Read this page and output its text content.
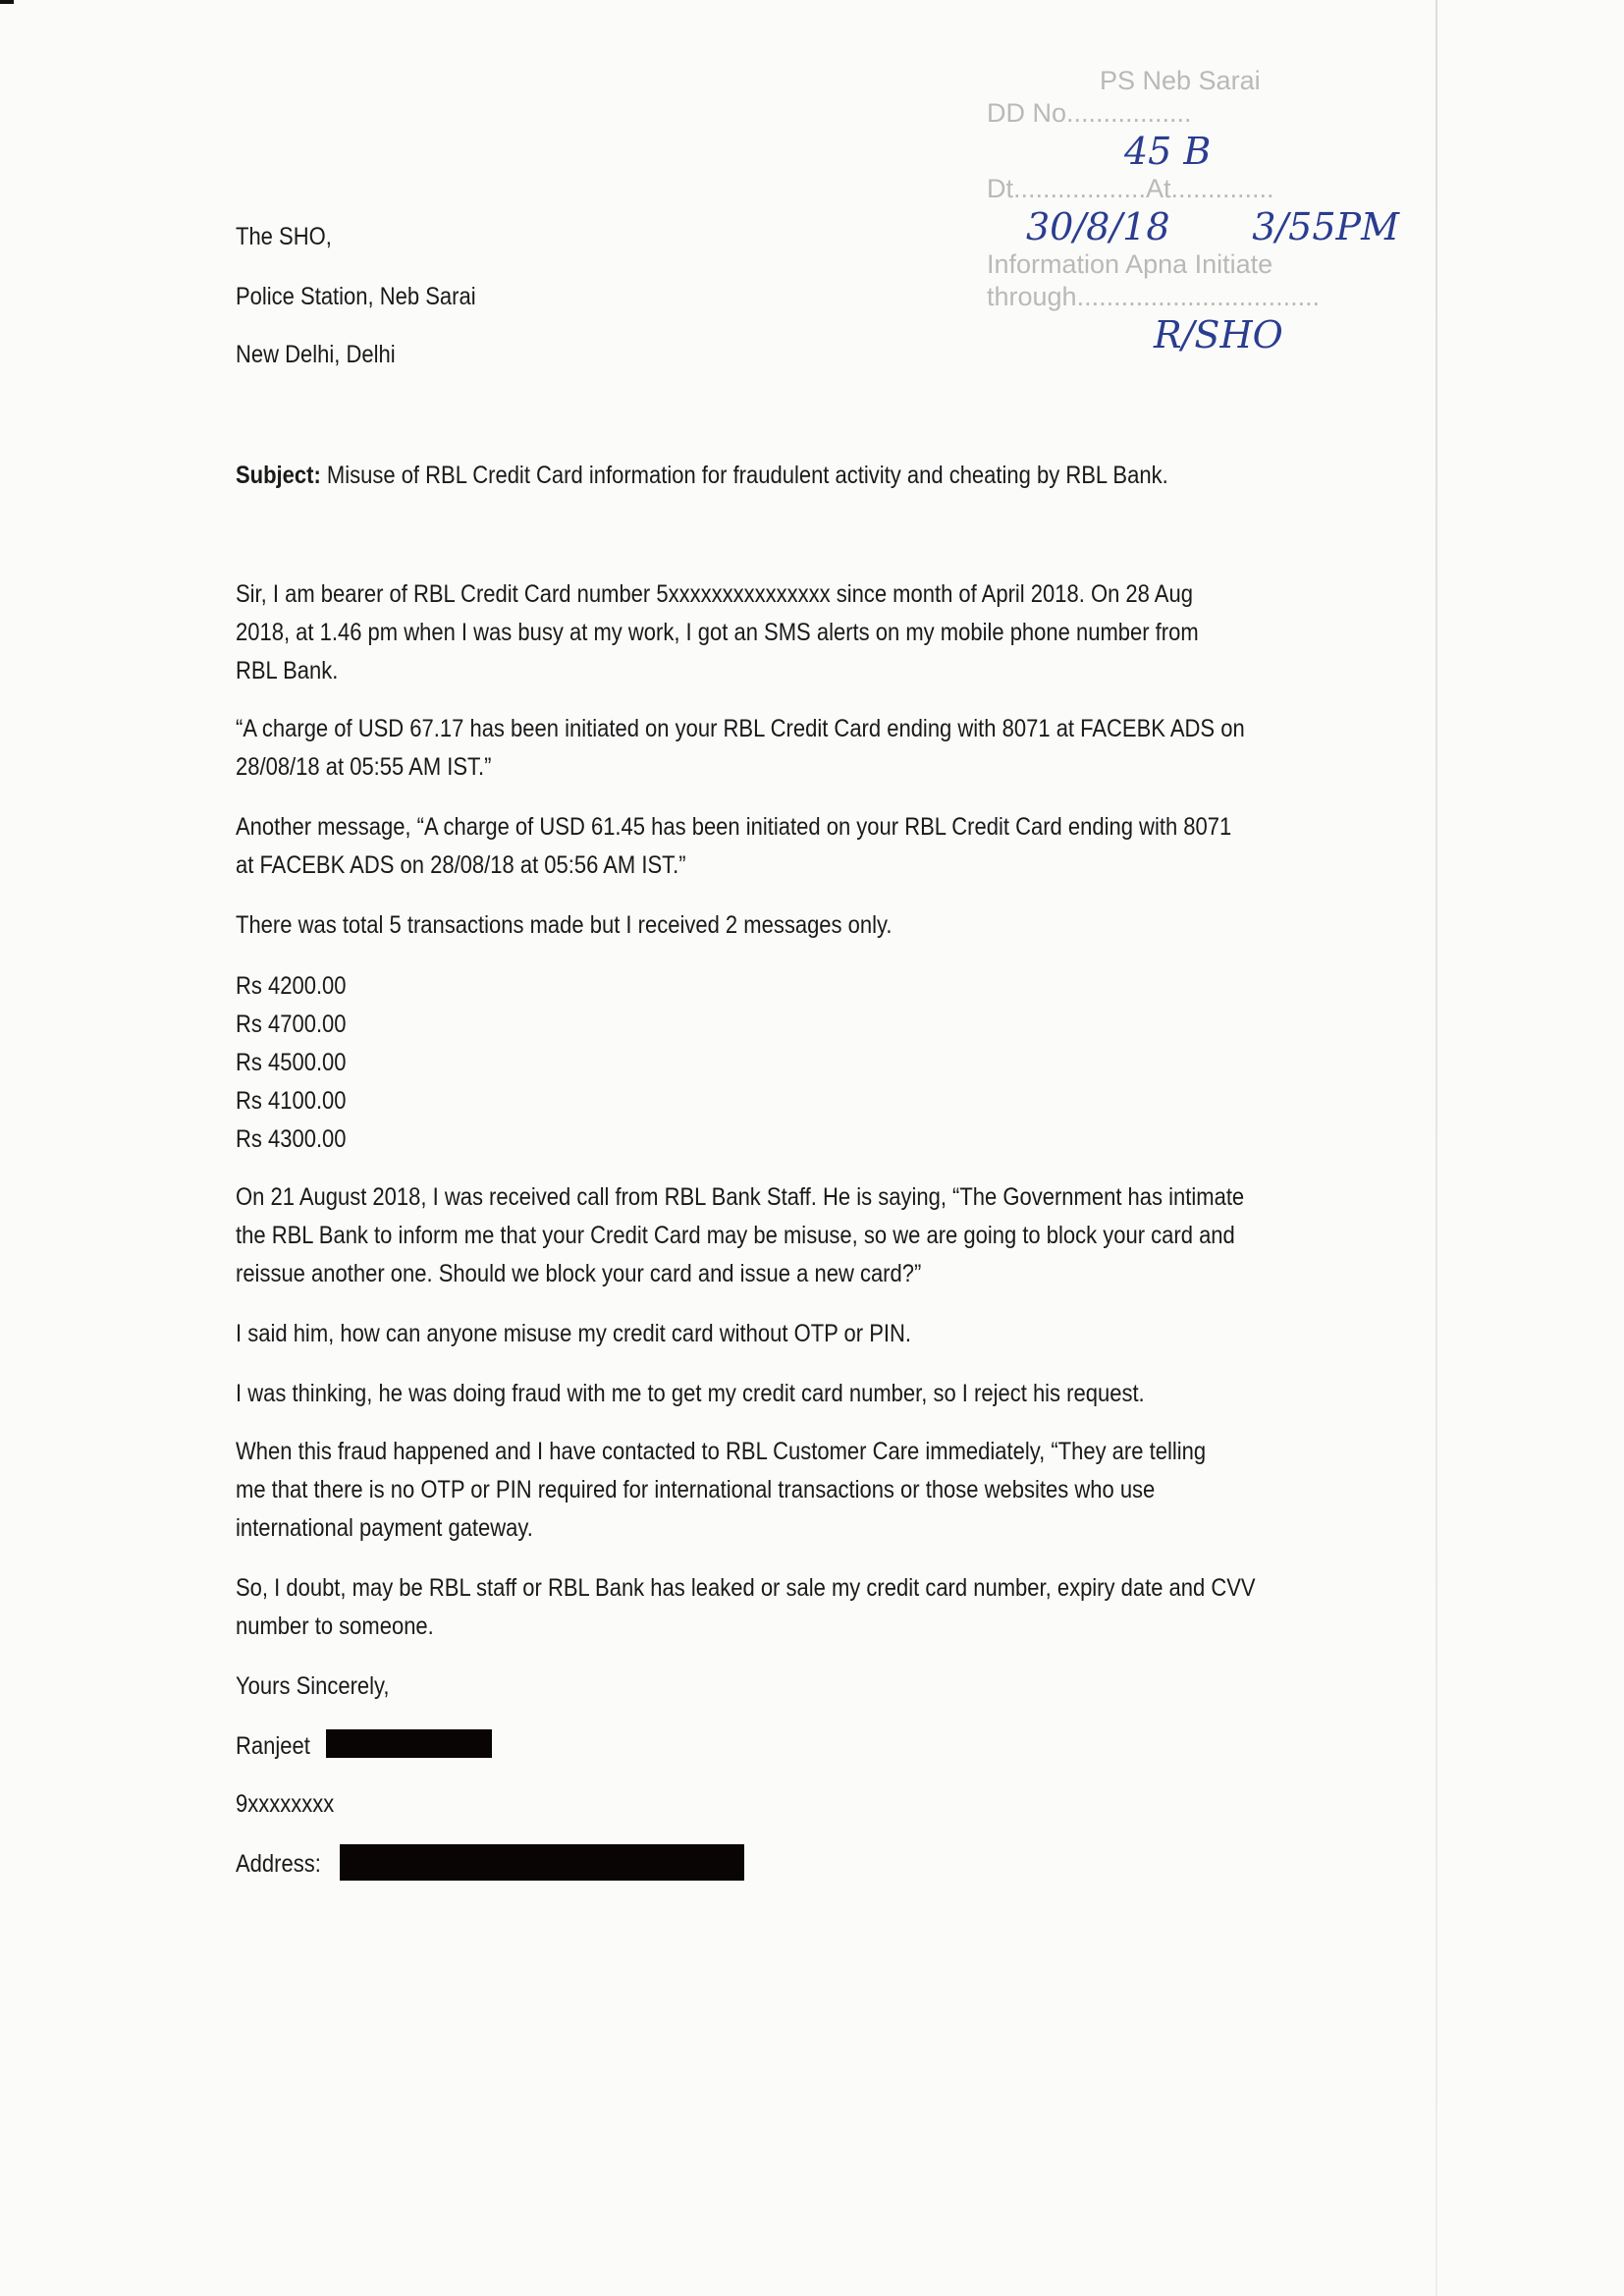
PS Neb Sarai
DD No.................
45 B
Dt..................At..............
30/8/18 3/55PM
Information Apna Initiate
through.................................
R/SHO
The SHO,
Police Station, Neb Sarai
New Delhi, Delhi
Subject: Misuse of RBL Credit Card information for fraudulent activity and cheating by RBL Bank.
Sir, I am bearer of RBL Credit Card number 5xxxxxxxxxxxxxxx since month of April 2018. On 28 Aug
2018, at 1.46 pm when I was busy at my work, I got an SMS alerts on my mobile phone number from
RBL Bank.
“A charge of USD 67.17 has been initiated on your RBL Credit Card ending with 8071 at FACEBK ADS on
28/08/18 at 05:55 AM IST.”
Another message, “A charge of USD 61.45 has been initiated on your RBL Credit Card ending with 8071
at FACEBK ADS on 28/08/18 at 05:56 AM IST.”
There was total 5 transactions made but I received 2 messages only.
Rs 4200.00
Rs 4700.00
Rs 4500.00
Rs 4100.00
Rs 4300.00
On 21 August 2018, I was received call from RBL Bank Staff. He is saying, “The Government has intimate
the RBL Bank to inform me that your Credit Card may be misuse, so we are going to block your card and
reissue another one. Should we block your card and issue a new card?”
I said him, how can anyone misuse my credit card without OTP or PIN.
I was thinking, he was doing fraud with me to get my credit card number, so I reject his request.
When this fraud happened and I have contacted to RBL Customer Care immediately, “They are telling
me that there is no OTP or PIN required for international transactions or those websites who use
international payment gateway.
So, I doubt, may be RBL staff or RBL Bank has leaked or sale my credit card number, expiry date and CVV
number to someone.
Yours Sincerely,
Ranjeet
9xxxxxxxx
Address:
